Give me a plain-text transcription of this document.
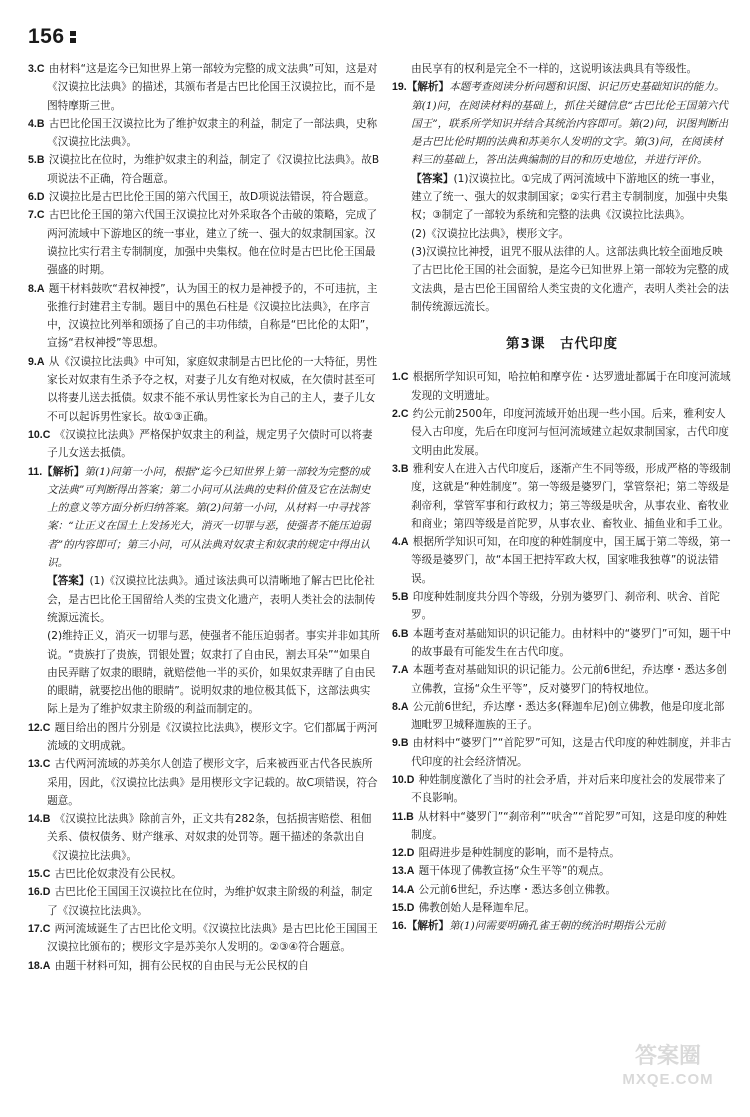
156

3.C 由材料“这是迄今已知世界上第一部较为完整的成文法典”可知，这是对《汉谟拉比法典》的描述，其颁布者是古巴比伦国王汉谟拉比，而不是图特摩斯三世。

4.B 古巴比伦国王汉谟拉比为了维护奴隶主的利益，制定了一部法典，史称《汉谟拉比法典》。

5.B 汉谟拉比在位时，为维护奴隶主的利益，制定了《汉谟拉比法典》。故B项说法不正确，符合题意。

6.D 汉谟拉比是古巴比伦王国的第六代国王，故D项说法错误，符合题意。

7.C 古巴比伦王国的第六代国王汉谟拉比对外采取各个击破的策略，完成了两河流域中下游地区的统一事业，建立了统一、强大的奴隶制国家。汉谟拉比实行君主专制制度，加强中央集权。他在位时是古巴比伦王国最强盛的时期。

8.A 题干材料鼓吹“君权神授”，认为国王的权力是神授予的，不可违抗，主张推行封建君主专制。题目中的黑色石柱是《汉谟拉比法典》，在序言中，汉谟拉比列举和颂扬了自己的丰功伟绩，自称是“巴比伦的太阳”，宣扬“君权神授”等思想。

9.A 从《汉谟拉比法典》中可知，家庭奴隶制是古巴比伦的一大特征，男性家长对奴隶有生杀予夺之权，对妻子儿女有绝对权威，在欠债时甚至可以将妻儿送去抵债。奴隶不能不承认男性家长为自己的主人，妻子儿女不可以起诉男性家长。故①③正确。

10.C 《汉谟拉比法典》严格保护奴隶主的利益，规定男子欠债时可以将妻子儿女送去抵债。

11.【解析】第(1)问第一小问，根据“迄今已知世界上第一部较为完整的成文法典”可判断得出答案；第二小问可从法典的史料价值及它在法制史上的意义等方面分析归纳答案。第(2)问第一小问，从材料一中寻找答案：“让正义在国土上发扬光大，消灭一切罪与恶，使强者不能压迫弱者”的内容即可；第三小问，可从法典对奴隶主和奴隶的规定中得出认识。

【答案】(1)《汉谟拉比法典》。通过该法典可以清晰地了解古巴比伦社会，是古巴比伦王国留给人类的宝贵文化遗产，表明人类社会的法制传统源远流长。

(2)维持正义，消灭一切罪与恶，使强者不能压迫弱者。事实并非如其所说。“贵族打了贵族，罚银处置；奴隶打了自由民，割去耳朵”“如果自由民弄瞎了奴隶的眼睛，就赔偿他一半的买价，如果奴隶弄瞎了自由民的眼睛，就要挖出他的眼睛”。说明奴隶的地位极其低下，这部法典实际上是为了维护奴隶主阶级的利益而制定的。

12.C 题目给出的图片分别是《汉谟拉比法典》，楔形文字。它们都属于两河流域的文明成就。

13.C 古代两河流域的苏美尔人创造了楔形文字，后来被西亚古代各民族所采用，因此，《汉谟拉比法典》是用楔形文字记载的。故C项错误，符合题意。

14.B 《汉谟拉比法典》除前言外，正文共有282条，包括损害赔偿、租佃关系、债权债务、财产继承、对奴隶的处罚等。题干描述的条款出自《汉谟拉比法典》。

15.C 古巴比伦奴隶没有公民权。

16.D 古巴比伦王国国王汉谟拉比在位时，为维护奴隶主阶级的利益，制定了《汉谟拉比法典》。

17.C 两河流域诞生了古巴比伦文明。《汉谟拉比法典》是古巴比伦王国国王汉谟拉比颁布的；楔形文字是苏美尔人发明的。②③④符合题意。

18.A 由题干材料可知，拥有公民权的自由民与无公民权的自

由民享有的权利是完全不一样的，这说明该法典具有等级性。

19.【解析】本题考查阅读分析问题和识图、识记历史基础知识的能力。第(1)问，在阅读材料的基础上，抓住关键信息“古巴比伦王国第六代国王”，联系所学知识并结合其统治内容即可。第(2)问，识图判断出是古巴比伦时期的法典和苏美尔人发明的文字。第(3)问，在阅读材料三的基础上，答出法典编制的目的和历史地位，并进行评价。

【答案】(1)汉谟拉比。①完成了两河流域中下游地区的统一事业，建立了统一、强大的奴隶制国家；②实行君主专制制度，加强中央集权；③制定了一部较为系统和完整的法典《汉谟拉比法典》。

(2)《汉谟拉比法典》，楔形文字。

(3)汉谟拉比神授，诅咒不服从法律的人。这部法典比较全面地反映了古巴比伦王国的社会面貌，是迄今已知世界上第一部较为完整的成文法典，是古巴伦王国留给人类宝贵的文化遗产，表明人类社会的法制传统源远流长。

第3课　古代印度

1.C 根据所学知识可知，哈拉帕和摩亨佐・达罗遗址都属于在印度河流域发现的文明遗址。

2.C 约公元前2500年，印度河流域开始出现一些小国。后来，雅利安人侵入古印度，先后在印度河与恒河流域建立起奴隶制国家，古代印度文明由此发展。

3.B 雅利安人在进入古代印度后，逐渐产生不同等级，形成严格的等级制度，这就是“种姓制度”。第一等级是婆罗门，掌管祭祀；第二等级是刹帝利，掌管军事和行政权力；第三等级是吠舍，从事农业、畜牧业和商业；第四等级是首陀罗，从事农业、畜牧业、捕鱼业和手工业。

4.A 根据所学知识可知，在印度的种姓制度中，国王属于第二等级，第一等级是婆罗门，故“本国王把持军政大权，国家唯我独尊”的说法错误。

5.B 印度种姓制度共分四个等级，分别为婆罗门、刹帝利、吠舍、首陀罗。

6.B 本题考查对基础知识的识记能力。由材料中的“婆罗门”可知，题干中的故事最有可能发生在古代印度。

7.A 本题考查对基础知识的识记能力。公元前6世纪，乔达摩・悉达多创立佛教，宣扬“众生平等”，反对婆罗门的特权地位。

8.A 公元前6世纪，乔达摩・悉达多(释迦牟尼)创立佛教，他是印度北部迦毗罗卫城释迦族的王子。

9.B 由材料中“婆罗门”“首陀罗”可知，这是古代印度的种姓制度，并非古代印度的社会经济情况。

10.D 种姓制度激化了当时的社会矛盾，并对后来印度社会的发展带来了不良影响。

11.B 从材料中“婆罗门”“刹帝利”“吠舍”“首陀罗”可知，这是印度的种姓制度。

12.D 阻碍进步是种姓制度的影响，而不是特点。

13.A 题干体现了佛教宣扬“众生平等”的观点。

14.A 公元前6世纪，乔达摩・悉达多创立佛教。

15.D 佛教创始人是释迦牟尼。

16.【解析】第(1)问需要明确孔雀王朝的统治时期指公元前

答案圈
MXQE.COM
